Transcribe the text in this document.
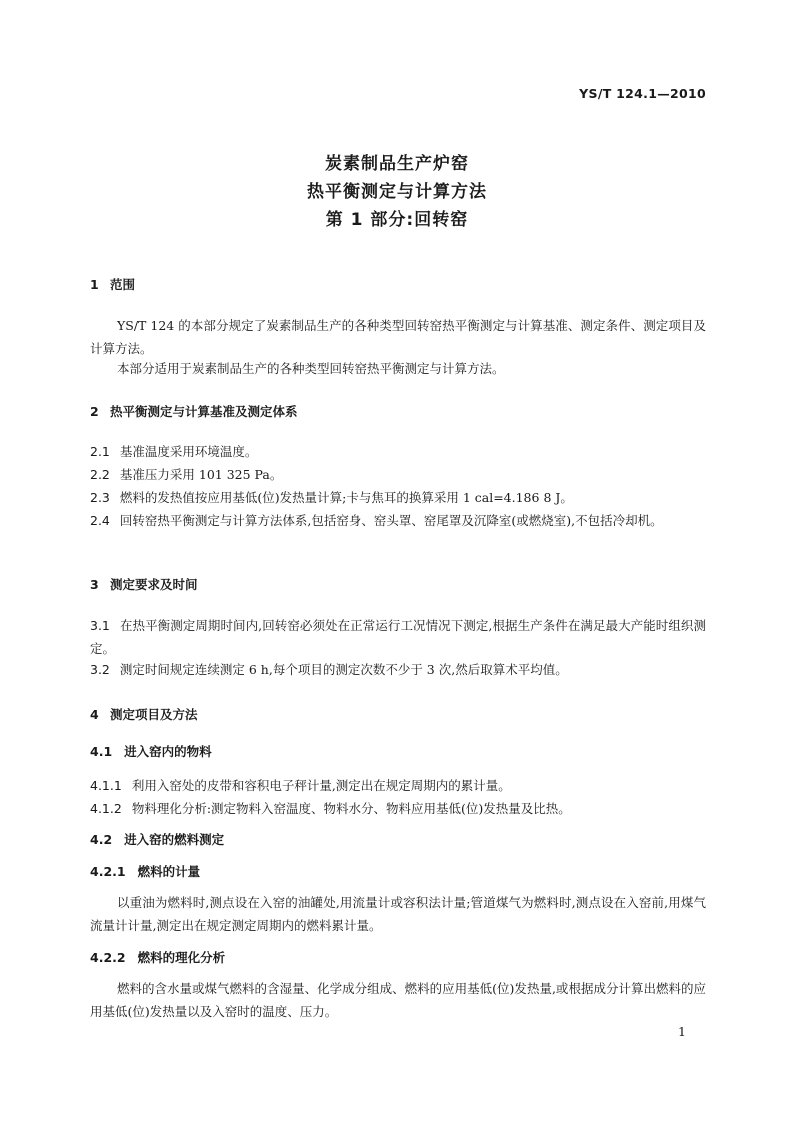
YS/T 124.1—2010
炭素制品生产炉窑
热平衡测定与计算方法
第 1 部分:回转窑
1 范围
YS/T 124 的本部分规定了炭素制品生产的各种类型回转窑热平衡测定与计算基准、测定条件、测定项目及计算方法。
本部分适用于炭素制品生产的各种类型回转窑热平衡测定与计算方法。
2 热平衡测定与计算基准及测定体系
2.1 基准温度采用环境温度。
2.2 基准压力采用 101 325 Pa。
2.3 燃料的发热值按应用基低(位)发热量计算;卡与焦耳的换算采用 1 cal=4.186 8 J。
2.4 回转窑热平衡测定与计算方法体系,包括窑身、窑头罩、窑尾罩及沉降室(或燃烧室),不包括冷却机。
3 测定要求及时间
3.1 在热平衡测定周期时间内,回转窑必须处在正常运行工况情况下测定,根据生产条件在满足最大产能时组织测定。
3.2 测定时间规定连续测定 6 h,每个项目的测定次数不少于 3 次,然后取算术平均值。
4 测定项目及方法
4.1 进入窑内的物料
4.1.1 利用入窑处的皮带和容积电子秤计量,测定出在规定周期内的累计量。
4.1.2 物料理化分析:测定物料入窑温度、物料水分、物料应用基低(位)发热量及比热。
4.2 进入窑的燃料测定
4.2.1 燃料的计量
以重油为燃料时,测点设在入窑的油罐处,用流量计或容积法计量;管道煤气为燃料时,测点设在入窑前,用煤气流量计计量,测定出在规定测定周期内的燃料累计量。
4.2.2 燃料的理化分析
燃料的含水量或煤气燃料的含湿量、化学成分组成、燃料的应用基低(位)发热量,或根据成分计算出燃料的应用基低(位)发热量以及入窑时的温度、压力。
1
